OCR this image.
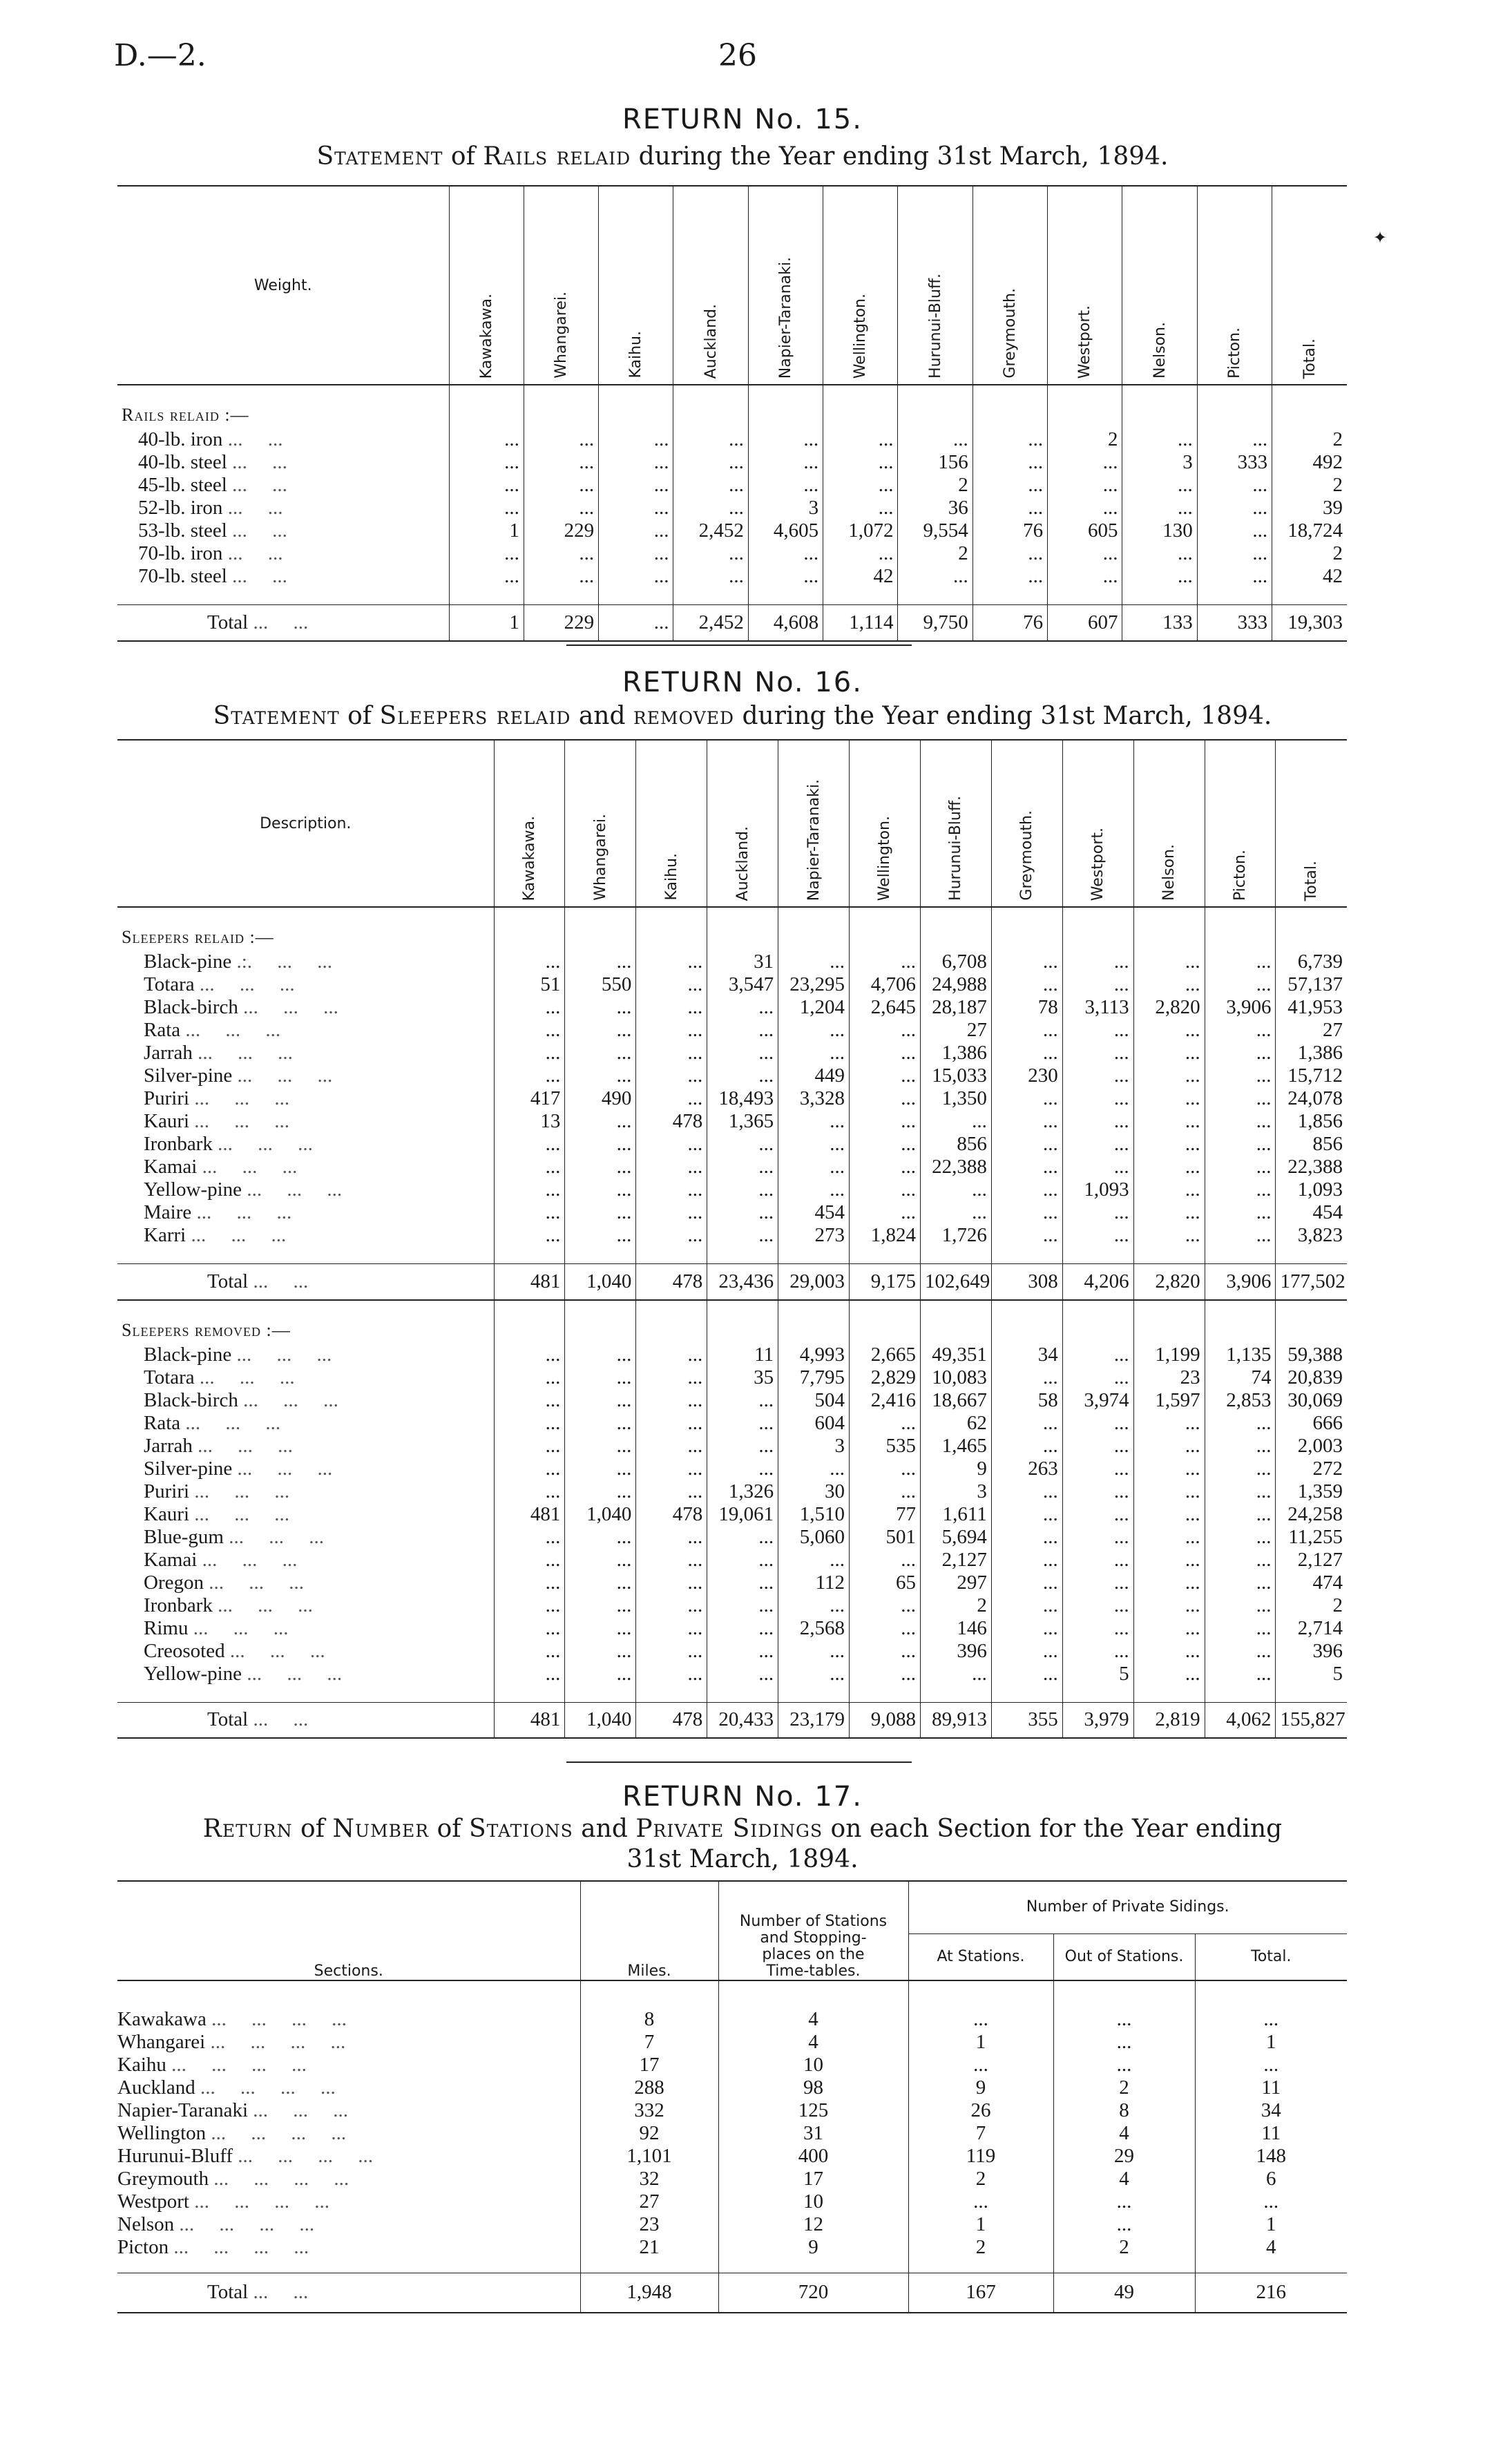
D.—2.	26
✦
RETURN No. 15.
Statement of Rails relaid during the Year ending 31st March, 1894.
Weight.	Kawakawa.	Whangarei.	Kaihu.	Auckland.	Napier-Taranaki.	Wellington.	Hurunui-Bluff.	Greymouth.	Westport.	Nelson.	Picton.	Total.

Rails relaid :—												
40-lb. iron ...     ...	...	...	...	...	...	...	...	...	2	...	...	2
40-lb. steel ...     ...	...	...	...	...	...	...	156	...	...	3	333	492
45-lb. steel ...     ...	...	...	...	...	...	...	2	...	...	...	...	2
52-lb. iron ...     ...	...	...	...	...	3	...	36	...	...	...	...	39
53-lb. steel ...     ...	1	229	...	2,452	4,605	1,072	9,554	76	605	130	...	18,724
70-lb. iron ...     ...	...	...	...	...	...	...	2	...	...	...	...	2
70-lb. steel ...     ...	...	...	...	...	...	42	...	...	...	...	...	42

Total ...     ...	1	229	...	2,452	4,608	1,114	9,750	76	607	133	333	19,303
RETURN No. 16.
Statement of Sleepers relaid and removed during the Year ending 31st March, 1894.
Description.	Kawakawa.	Whangarei.	Kaihu.	Auckland.	Napier-Taranaki.	Wellington.	Hurunui-Bluff.	Greymouth.	Westport.	Nelson.	Picton.	Total.

Sleepers relaid :—												
Black-pine .:.     ...     ...	...	...	...	31	...	...	6,708	...	...	...	...	6,739
Totara ...     ...     ...	51	550	...	3,547	23,295	4,706	24,988	...	...	...	...	57,137
Black-birch ...     ...     ...	...	...	...	...	1,204	2,645	28,187	78	3,113	2,820	3,906	41,953
Rata ...     ...     ...	...	...	...	...	...	...	27	...	...	...	...	27
Jarrah ...     ...     ...	...	...	...	...	...	...	1,386	...	...	...	...	1,386
Silver-pine ...     ...     ...	...	...	...	...	449	...	15,033	230	...	...	...	15,712
Puriri ...     ...     ...	417	490	...	18,493	3,328	...	1,350	...	...	...	...	24,078
Kauri ...     ...     ...	13	...	478	1,365	...	...	...	...	...	...	...	1,856
Ironbark ...     ...     ...	...	...	...	...	...	...	856	...	...	...	...	856
Kamai ...     ...     ...	...	...	...	...	...	...	22,388	...	...	...	...	22,388
Yellow-pine ...     ...     ...	...	...	...	...	...	...	...	...	1,093	...	...	1,093
Maire ...     ...     ...	...	...	...	...	454	...	...	...	...	...	...	454
Karri ...     ...     ...	...	...	...	...	273	1,824	1,726	...	...	...	...	3,823

Total ...     ...	481	1,040	478	23,436	29,003	9,175	102,649	308	4,206	2,820	3,906	177,502

Sleepers removed :—												
Black-pine ...     ...     ...	...	...	...	11	4,993	2,665	49,351	34	...	1,199	1,135	59,388
Totara ...     ...     ...	...	...	...	35	7,795	2,829	10,083	...	...	23	74	20,839
Black-birch ...     ...     ...	...	...	...	...	504	2,416	18,667	58	3,974	1,597	2,853	30,069
Rata ...     ...     ...	...	...	...	...	604	...	62	...	...	...	...	666
Jarrah ...     ...     ...	...	...	...	...	3	535	1,465	...	...	...	...	2,003
Silver-pine ...     ...     ...	...	...	...	...	...	...	9	263	...	...	...	272
Puriri ...     ...     ...	...	...	...	1,326	30	...	3	...	...	...	...	1,359
Kauri ...     ...     ...	481	1,040	478	19,061	1,510	77	1,611	...	...	...	...	24,258
Blue-gum ...     ...     ...	...	...	...	...	5,060	501	5,694	...	...	...	...	11,255
Kamai ...     ...     ...	...	...	...	...	...	...	2,127	...	...	...	...	2,127
Oregon ...     ...     ...	...	...	...	...	112	65	297	...	...	...	...	474
Ironbark ...     ...     ...	...	...	...	...	...	...	2	...	...	...	...	2
Rimu ...     ...     ...	...	...	...	...	2,568	...	146	...	...	...	...	2,714
Creosoted ...     ...     ...	...	...	...	...	...	...	396	...	...	...	...	396
Yellow-pine ...     ...     ...	...	...	...	...	...	...	...	...	5	...	...	5

Total ...     ...	481	1,040	478	20,433	23,179	9,088	89,913	355	3,979	2,819	4,062	155,827
RETURN No. 17.
Return of Number of Stations and Private Sidings on each Section for the Year ending
31st March, 1894.
Sections.	Miles.	Number of Stations and Stopping-places on the Time-tables.	Number of Private Sidings.		
			At Stations.	Out of Stations.	Total.

Kawakawa ...     ...     ...     ...	8	4	...	...	...
Whangarei ...     ...     ...     ...	7	4	1	...	1
Kaihu ...     ...     ...     ...	17	10	...	...	...
Auckland ...     ...     ...     ...	288	98	9	2	11
Napier-Taranaki ...     ...     ...	332	125	26	8	34
Wellington ...     ...     ...     ...	92	31	7	4	11
Hurunui-Bluff ...     ...     ...     ...	1,101	400	119	29	148
Greymouth ...     ...     ...     ...	32	17	2	4	6
Westport ...     ...     ...     ...	27	10	...	...	...
Nelson ...     ...     ...     ...	23	12	1	...	1
Picton ...     ...     ...     ...	21	9	2	2	4

Total ...     ...	1,948	720	167	49	216
